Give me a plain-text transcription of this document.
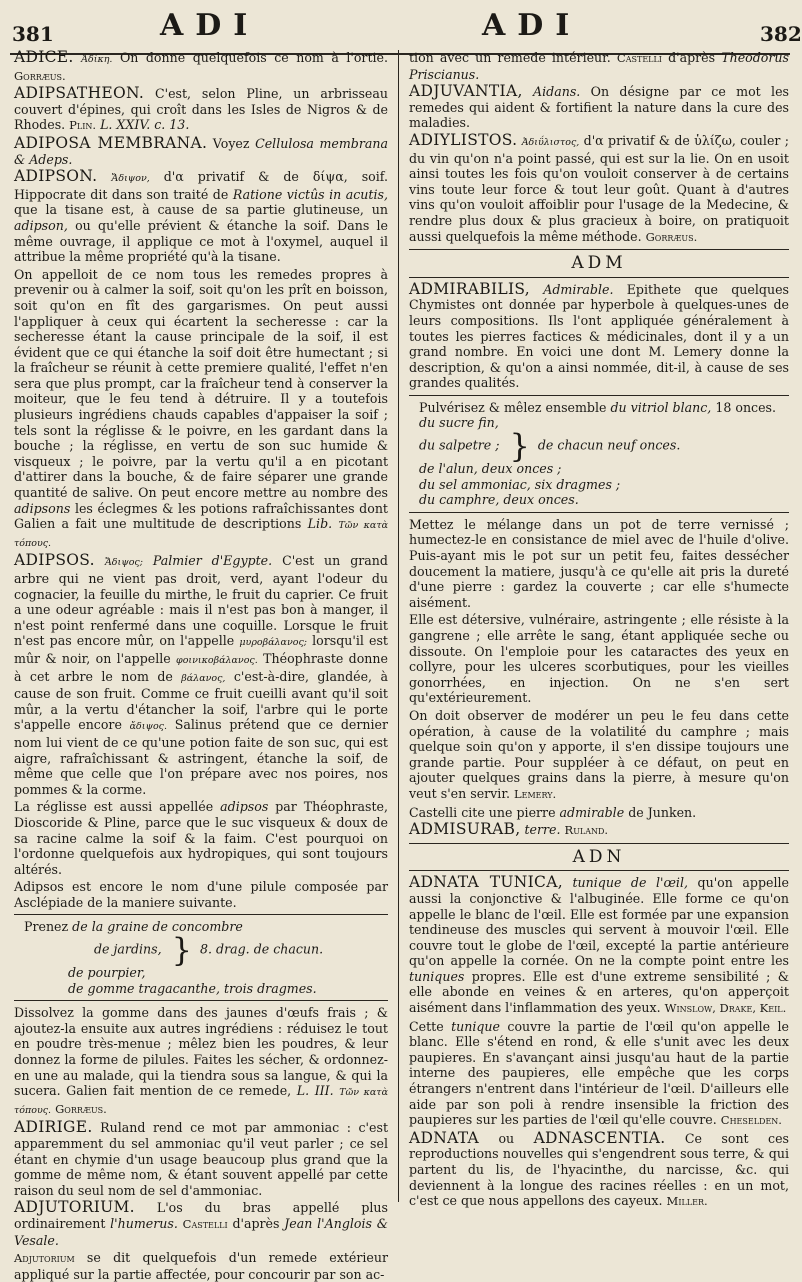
381	ADI	ADI	382

ADICE. Ἀδίκη. On donne quelquefois ce nom à l'ortie. Gorræus.

ADIPSATHEON. C'est, selon Pline, un arbrisseau couvert d'épines, qui croît dans les Isles de Nigros & de Rhodes. Plin. L. XXIV. c. 13.

ADIPOSA MEMBRANA. Voyez Cellulosa membrana & Adeps.

ADIPSON. Ἄδιψον, d'α privatif & de δίψα, soif. Hippocrate dit dans son traité de Ratione victûs in acutis, que la tisane est, à cause de sa partie glutineuse, un adipson, ou qu'elle prévient & étanche la soif. Dans le même ouvrage, il applique ce mot à l'oxymel, auquel il attribue la même propriété qu'à la tisane.

On appelloit de ce nom tous les remedes propres à prevenir ou à calmer la soif, soit qu'on les prît en boisson, soit qu'on en fît des gargarismes. On peut aussi l'appliquer à ceux qui écartent la secheresse : car la secheresse étant la cause principale de la soif, il est évident que ce qui étanche la soif doit être humectant ; si la fraîcheur se réunit à cette premiere qualité, l'effet n'en sera que plus prompt, car la fraîcheur tend à conserver la moiteur, que le feu tend à détruire. Il y a toutefois plusieurs ingrédiens chauds capables d'appaiser la soif ; tels sont la réglisse & le poivre, en les gardant dans la bouche ; la réglisse, en vertu de son suc humide & visqueux ; le poivre, par la vertu qu'il a en picotant d'attirer dans la bouche, & de faire séparer une grande quantité de salive. On peut encore mettre au nombre des adipsons les éclegmes & les potions rafraîchissantes dont Galien a fait une multitude de descriptions Lib. Τῶν κατὰ τόπους.

ADIPSOS. Ἄδιψος; Palmier d'Egypte. C'est un grand arbre qui ne vient pas droit, verd, ayant l'odeur du cognacier, la feuille du mirthe, le fruit du caprier. Ce fruit a une odeur agréable : mais il n'est pas bon à manger, il n'est point renfermé dans une coquille. Lorsque le fruit n'est pas encore mûr, on l'appelle μυροβάλανος; lorsqu'il est mûr & noir, on l'appelle φοινικοβάλανος. Théophraste donne à cet arbre le nom de βάλανος, c'est-à-dire, glandée, à cause de son fruit. Comme ce fruit cueilli avant qu'il soit mûr, a la vertu d'étancher la soif, l'arbre qui le porte s'appelle encore ἄδιψος. Salinus prétend que ce dernier nom lui vient de ce qu'une potion faite de son suc, qui est aigre, rafraîchissant & astringent, étanche la soif, de même que celle que l'on prépare avec nos poires, nos pommes & la corme.

La réglisse est aussi appellée adipsos par Théophraste, Dioscoride & Pline, parce que le suc visqueux & doux de sa racine calme la soif & la faim. C'est pourquoi on l'ordonne quelquefois aux hydropiques, qui sont toujours altérés.

Adipsos est encore le nom d'une pilule composée par Asclépiade de la maniere suivante.

Prenez de la graine de concombre
de jardins, } 8. drag. de chacun.
de pourpier,
de gomme tragacanthe, trois dragmes.

Dissolvez la gomme dans des jaunes d'œufs frais ; & ajoutez-la ensuite aux autres ingrédiens : réduisez le tout en poudre très-menue ; mêlez bien les poudres, & leur donnez la forme de pilules. Faites les sécher, & ordonnez-en une au malade, qui la tiendra sous sa langue, & qui la sucera. Galien fait mention de ce remede, L. III. Τῶν κατὰ τόπους. Gorræus.

ADIRIGE. Ruland rend ce mot par ammoniac : c'est apparemment du sel ammoniac qu'il veut parler ; ce sel étant en chymie d'un usage beaucoup plus grand que la gomme de même nom, & étant souvent appellé par cette raison du seul nom de sel d'ammoniac.

ADJUTORIUM. L'os du bras appellé plus ordinairement l'humerus. Castelli d'après Jean l'Anglois & Vesale.

Adjutorium se dit quelquefois d'un remede extérieur appliqué sur la partie affectée, pour concourir par son ac-

tion avec un remede intérieur. Castelli d'après Theodorus Priscianus.

ADJUVANTIA, Aidans. On désigne par ce mot les remedes qui aident & fortifient la nature dans la cure des maladies.

ADIYLISTOS. Ἀδιΰλιστος, d'α privatif & de ὑλίζω, couler ; du vin qu'on n'a point passé, qui est sur la lie. On en usoit ainsi toutes les fois qu'on vouloit conserver à de certains vins toute leur force & tout leur goût. Quant à d'autres vins qu'on vouloit affoiblir pour l'usage de la Medecine, & rendre plus doux & plus gracieux à boire, on pratiquoit aussi quelquefois la même méthode. Gorræus.

ADM

ADMIRABILIS, Admirable. Epithete que quelques Chymistes ont donnée par hyperbole à quelques-unes de leurs compositions. Ils l'ont appliquée généralement à toutes les pierres factices & médicinales, dont il y a un grand nombre. En voici une dont M. Lemery donne la description, & qu'on a ainsi nommée, dit-il, à cause de ses grandes qualités.

Pulvérisez & mêlez ensemble du vitriol blanc, 18 onces.
du sucre fin,
du salpetre ; } de chacun neuf onces.
de l'alun, deux onces ;
du sel ammoniac, six dragmes ;
du camphre, deux onces.

Mettez le mélange dans un pot de terre vernissé ; humectez-le en consistance de miel avec de l'huile d'olive. Puis-ayant mis le pot sur un petit feu, faites dessécher doucement la matiere, jusqu'à ce qu'elle ait pris la dureté d'une pierre : gardez la couverte ; car elle s'humecte aisément.

Elle est détersive, vulnéraire, astringente ; elle résiste à la gangrene ; elle arrête le sang, étant appliquée seche ou dissoute. On l'emploie pour les cataractes des yeux en collyre, pour les ulceres scorbutiques, pour les vieilles gonorrhées, en injection. On ne s'en sert qu'extérieurement.

On doit observer de modérer un peu le feu dans cette opération, à cause de la volatilité du camphre ; mais quelque soin qu'on y apporte, il s'en dissipe toujours une grande partie. Pour suppléer à ce défaut, on peut en ajouter quelques grains dans la pierre, à mesure qu'on veut s'en servir. Lemery.

Castelli cite une pierre admirable de Junken.

ADMISURAB, terre. Ruland.

ADN

ADNATA TUNICA, tunique de l'œil, qu'on appelle aussi la conjonctive & l'albuginée. Elle forme ce qu'on appelle le blanc de l'œil. Elle est formée par une expansion tendineuse des muscles qui servent à mouvoir l'œil. Elle couvre tout le globe de l'œil, excepté la partie antérieure qu'on appelle la cornée. On ne la compte point entre les tuniques propres. Elle est d'une extreme sensibilité ; & elle abonde en veines & en arteres, qu'on apperçoit aisément dans l'inflammation des yeux. Winslow, Drake, Keil.

Cette tunique couvre la partie de l'œil qu'on appelle le blanc. Elle s'étend en rond, & elle s'unit avec les deux paupieres. En s'avançant ainsi jusqu'au haut de la partie interne des paupieres, elle empêche que les corps étrangers n'entrent dans l'intérieur de l'œil. D'ailleurs elle aide par son poli à rendre insensible la friction des paupieres sur les parties de l'œil qu'elle couvre. Cheselden.

ADNATA ou ADNASCENTIA. Ce sont ces reproductions nouvelles qui s'engendrent sous terre, & qui partent du lis, de l'hyacinthe, du narcisse, &c. qui deviennent à la longue des racines réelles : en un mot, c'est ce que nous appellons des cayeux. Miller.
